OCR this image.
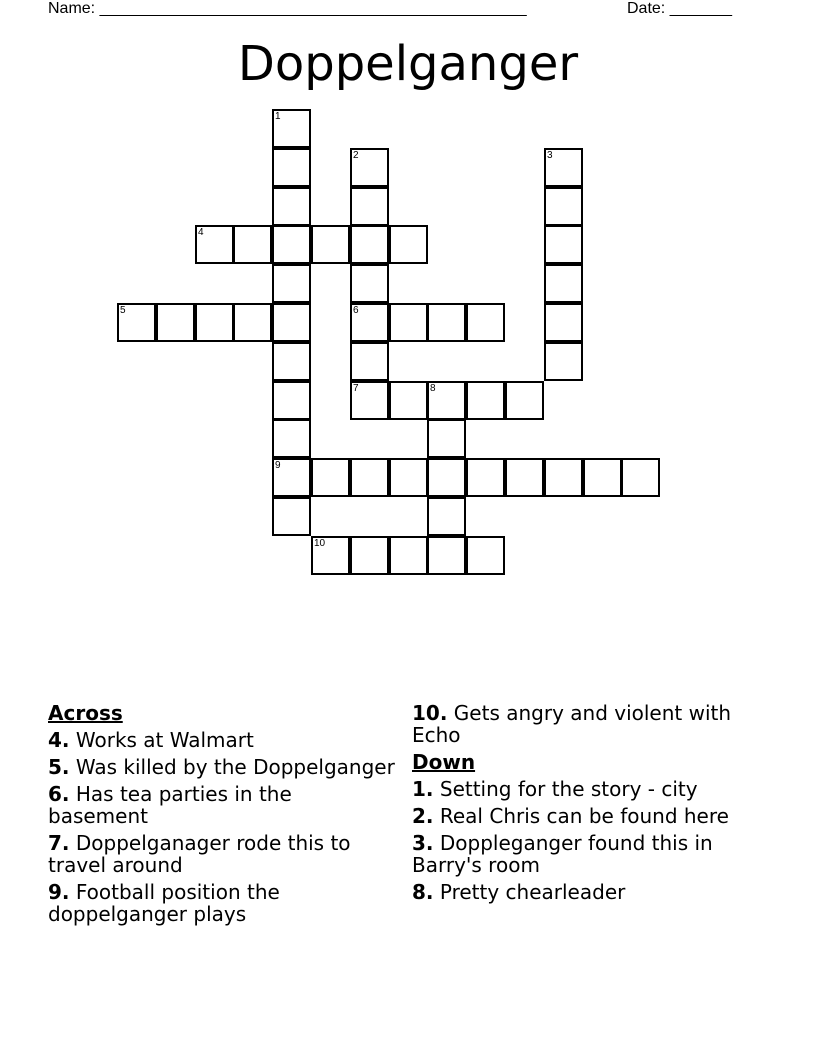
Name: ________________________________________________	Date: _______
Doppelganger
1
9
2
6
7
3
4
5
8
10
Across
4. Works at Walmart
5. Was killed by the Doppelganger
6. Has tea parties in the basement
7. Doppelganager rode this to travel around
9. Football position the doppelganger plays
10. Gets angry and violent with Echo
Down
1. Setting for the story - city
2. Real Chris can be found here
3. Doppleganger found this in Barry's room
8. Pretty chearleader
